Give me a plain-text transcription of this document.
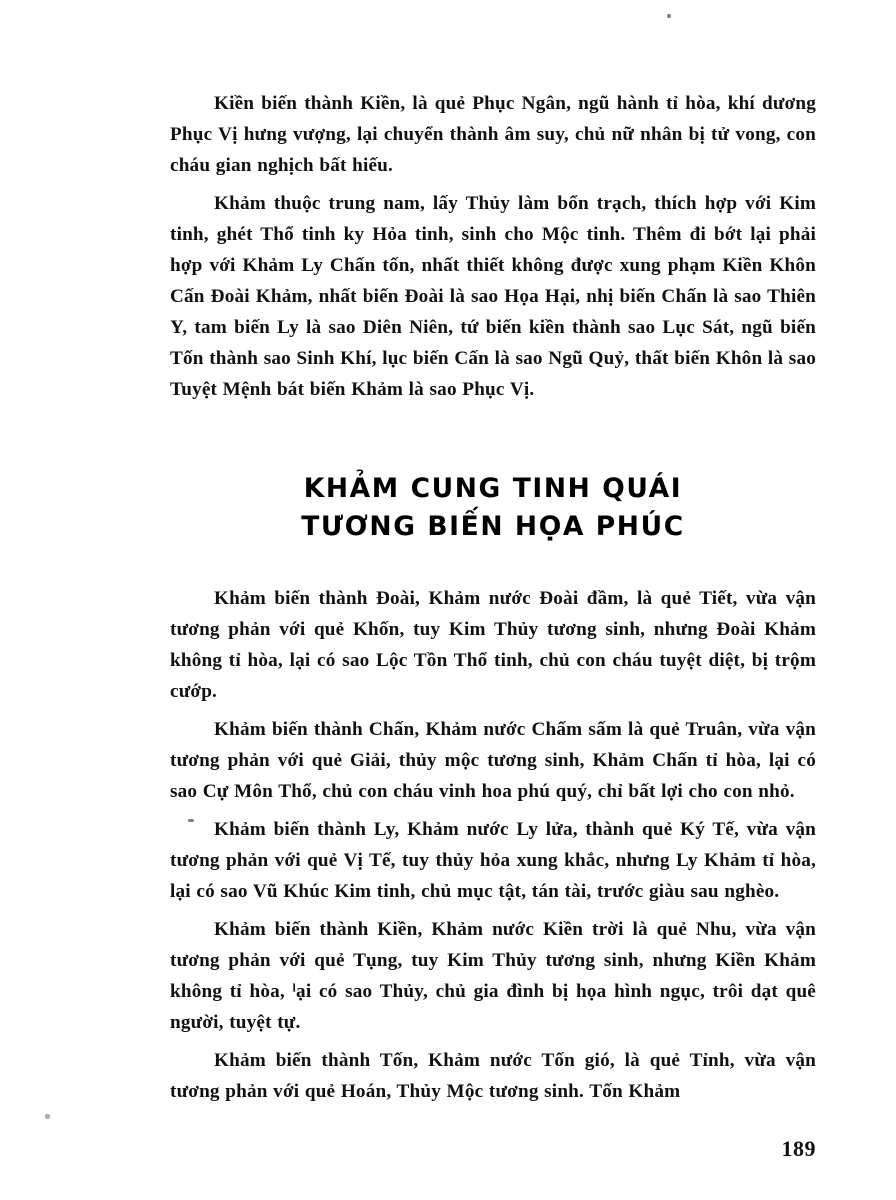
Kiền biến thành Kiền, là quẻ Phục Ngân, ngũ hành tỉ hòa, khí dương Phục Vị hưng vượng, lại chuyển thành âm suy, chủ nữ nhân bị tử vong, con cháu gian nghịch bất hiếu.

Khảm thuộc trung nam, lấy Thủy làm bổn trạch, thích hợp với Kim tinh, ghét Thổ tinh ky Hỏa tinh, sinh cho Mộc tinh. Thêm đi bớt lại phải hợp với Khảm Ly Chấn tốn, nhất thiết không được xung phạm Kiền Khôn Cấn Đoài Khảm, nhất biến Đoài là sao Họa Hại, nhị biến Chấn là sao Thiên Y, tam biến Ly là sao Diên Niên, tứ biến kiền thành sao Lục Sát, ngũ biến Tốn thành sao Sinh Khí, lục biến Cấn là sao Ngũ Quỷ, thất biến Khôn là sao Tuyệt Mệnh bát biến Khảm là sao Phục Vị.

KHẢM CUNG TINH QUÁI
TƯƠNG BIẾN HỌA PHÚC

Khảm biến thành Đoài, Khảm nước Đoài đầm, là quẻ Tiết, vừa vận tương phản với quẻ Khốn, tuy Kim Thủy tương sinh, nhưng Đoài Khảm không tỉ hòa, lại có sao Lộc Tồn Thổ tinh, chủ con cháu tuyệt diệt, bị trộm cướp.

Khảm biến thành Chấn, Khảm nước Chấm sấm là quẻ Truân, vừa vận tương phản với quẻ Giải, thủy mộc tương sinh, Khảm Chấn tỉ hòa, lại có sao Cự Môn Thổ, chủ con cháu vinh hoa phú quý, chỉ bất lợi cho con nhỏ.

Khảm biến thành Ly, Khảm nước Ly lửa, thành quẻ Ký Tế, vừa vận tương phản với quẻ Vị Tế, tuy thủy hỏa xung khắc, nhưng Ly Khảm tỉ hòa, lại có sao Vũ Khúc Kim tinh, chủ mục tật, tán tài, trước giàu sau nghèo.

Khảm biến thành Kiền, Khảm nước Kiền trời là quẻ Nhu, vừa vận tương phản với quẻ Tụng, tuy Kim Thủy tương sinh, nhưng Kiền Khảm không tỉ hòa, ˡại có sao Thủy, chủ gia đình bị họa hình ngục, trôi dạt quê người, tuyệt tự.

Khảm biến thành Tốn, Khảm nước Tốn gió, là quẻ Tỉnh, vừa vận tương phản với quẻ Hoán, Thủy Mộc tương sinh. Tốn Khảm

189
